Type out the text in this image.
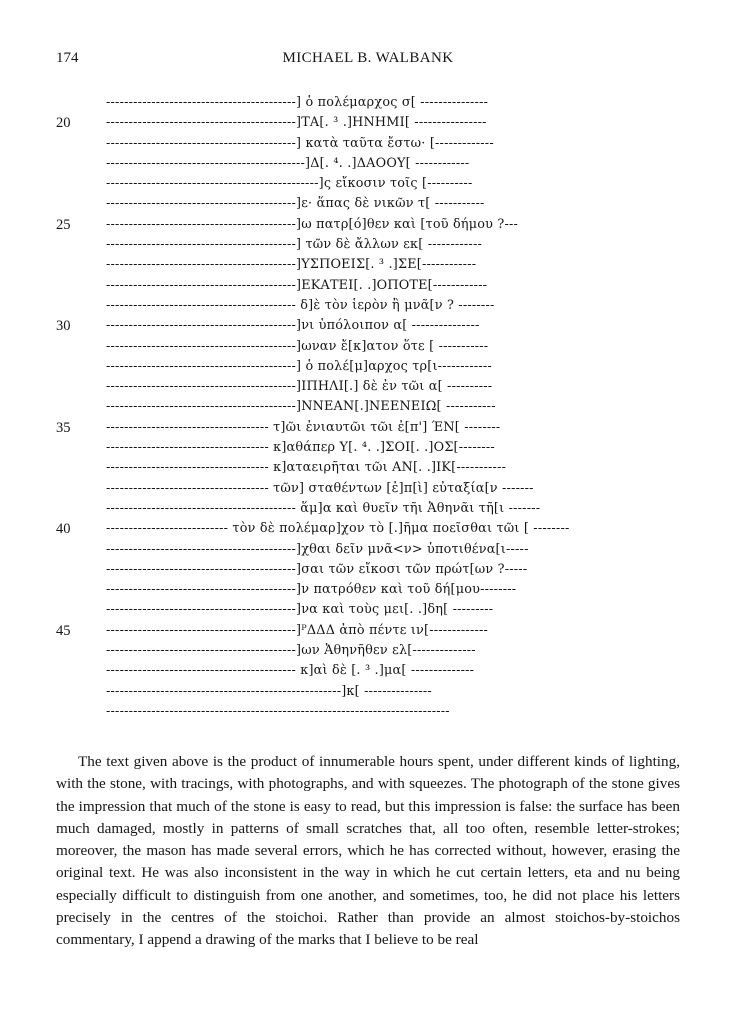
174	MICHAEL B. WALBANK
------------------------------------------] ὁ πολέμαρχος σ[ ---------------
20	------------------------------------------]ΤΑ[. ³ .]ΗΝΗΜΙ[ ----------------
------------------------------------------] κατὰ ταῦτα ἔστω· [-------------
--------------------------------------------]Δ[. ⁴. .]ΔΑΟΟΥ[ ------------
-----------------------------------------------]ς εἴκοσιν τοῖς [----------
------------------------------------------]ε· ἅπας δὲ νικῶν τ[ -----------
25	------------------------------------------]ω πατρ[ό]θεν καὶ [τοῦ δήμου ?---
------------------------------------------] τῶν δὲ ἄλλων εκ[ ------------
------------------------------------------]ΥΣΠΟΕΙΣ[. ³ .]ΣΕ[------------
------------------------------------------]ΕΚΑΤΕΙ[. .]ΟΠΟΤΕ[------------
------------------------------------------ δ]ὲ τὸν ἱερὸν ἢ μνᾶ[ν ? --------
30	------------------------------------------]νι ὑπόλοιπον α[ ---------------
------------------------------------------]ωναν ἔ[κ]ατον ὅτε [ -----------
------------------------------------------] ὁ πολέ[μ]αρχος τρ[ι------------
------------------------------------------]ΙΠΗΛΙ[.] δὲ ἐν τῶι α[ ----------
------------------------------------------]ΝΝΕΑΝ[.]ΝΕΕΝΕΙΩ[ -----------
35	------------------------------------ τ]ῶι ἐνιαυτῶι τῶι ἐ[π'] ΈΝ[ --------
------------------------------------ κ]αθάπερ Υ[. ⁴. .]ΣΟΙ[. .]ΟΣ[--------
------------------------------------ κ]αταειρῆται τῶι ΑΝ[. .]ΙΚ[-----------
------------------------------------ τῶν] σταθέντων [ἐ]π[ὶ] εὐταξία[ν -------
------------------------------------------ ἅμ]α καὶ θυεῖν τῆι Ἀθηνᾶι τῆ[ι -------
40	--------------------------- τὸν δὲ πολέμαρ]χον τὸ [.]ῆμα ποεῖσθαι τῶι [ --------
------------------------------------------]χθαι δεῖν μνᾶ<ν> ὑποτιθένα[ι-----
------------------------------------------]σαι τῶν εἴκοσι τῶν πρώτ[ων ?-----
------------------------------------------]ν πατρόθεν καὶ τοῦ δή[μου--------
------------------------------------------]να καὶ τοὺς μει[. .]δη[ ---------
45	------------------------------------------]ᴾΔΔΔ ἀπὸ πέντε ιν[-------------
------------------------------------------]ων Ἀθηνῆθεν ελ[--------------
------------------------------------------ κ]αὶ δὲ [. ³ .]μα[ --------------
----------------------------------------------------]κ[ ---------------
----------------------------------------------------------------------------

The text given above is the product of innumerable hours spent, under different kinds of lighting, with the stone, with tracings, with photographs, and with squeezes. The photograph of the stone gives the impression that much of the stone is easy to read, but this impression is false: the surface has been much damaged, mostly in patterns of small scratches that, all too often, resemble letter-strokes; moreover, the mason has made several errors, which he has corrected without, however, erasing the original text. He was also inconsistent in the way in which he cut certain letters, eta and nu being especially difficult to distinguish from one another, and sometimes, too, he did not place his letters precisely in the centres of the stoichoi. Rather than provide an almost stoichos-by-stoichos commentary, I append a drawing of the marks that I believe to be real
